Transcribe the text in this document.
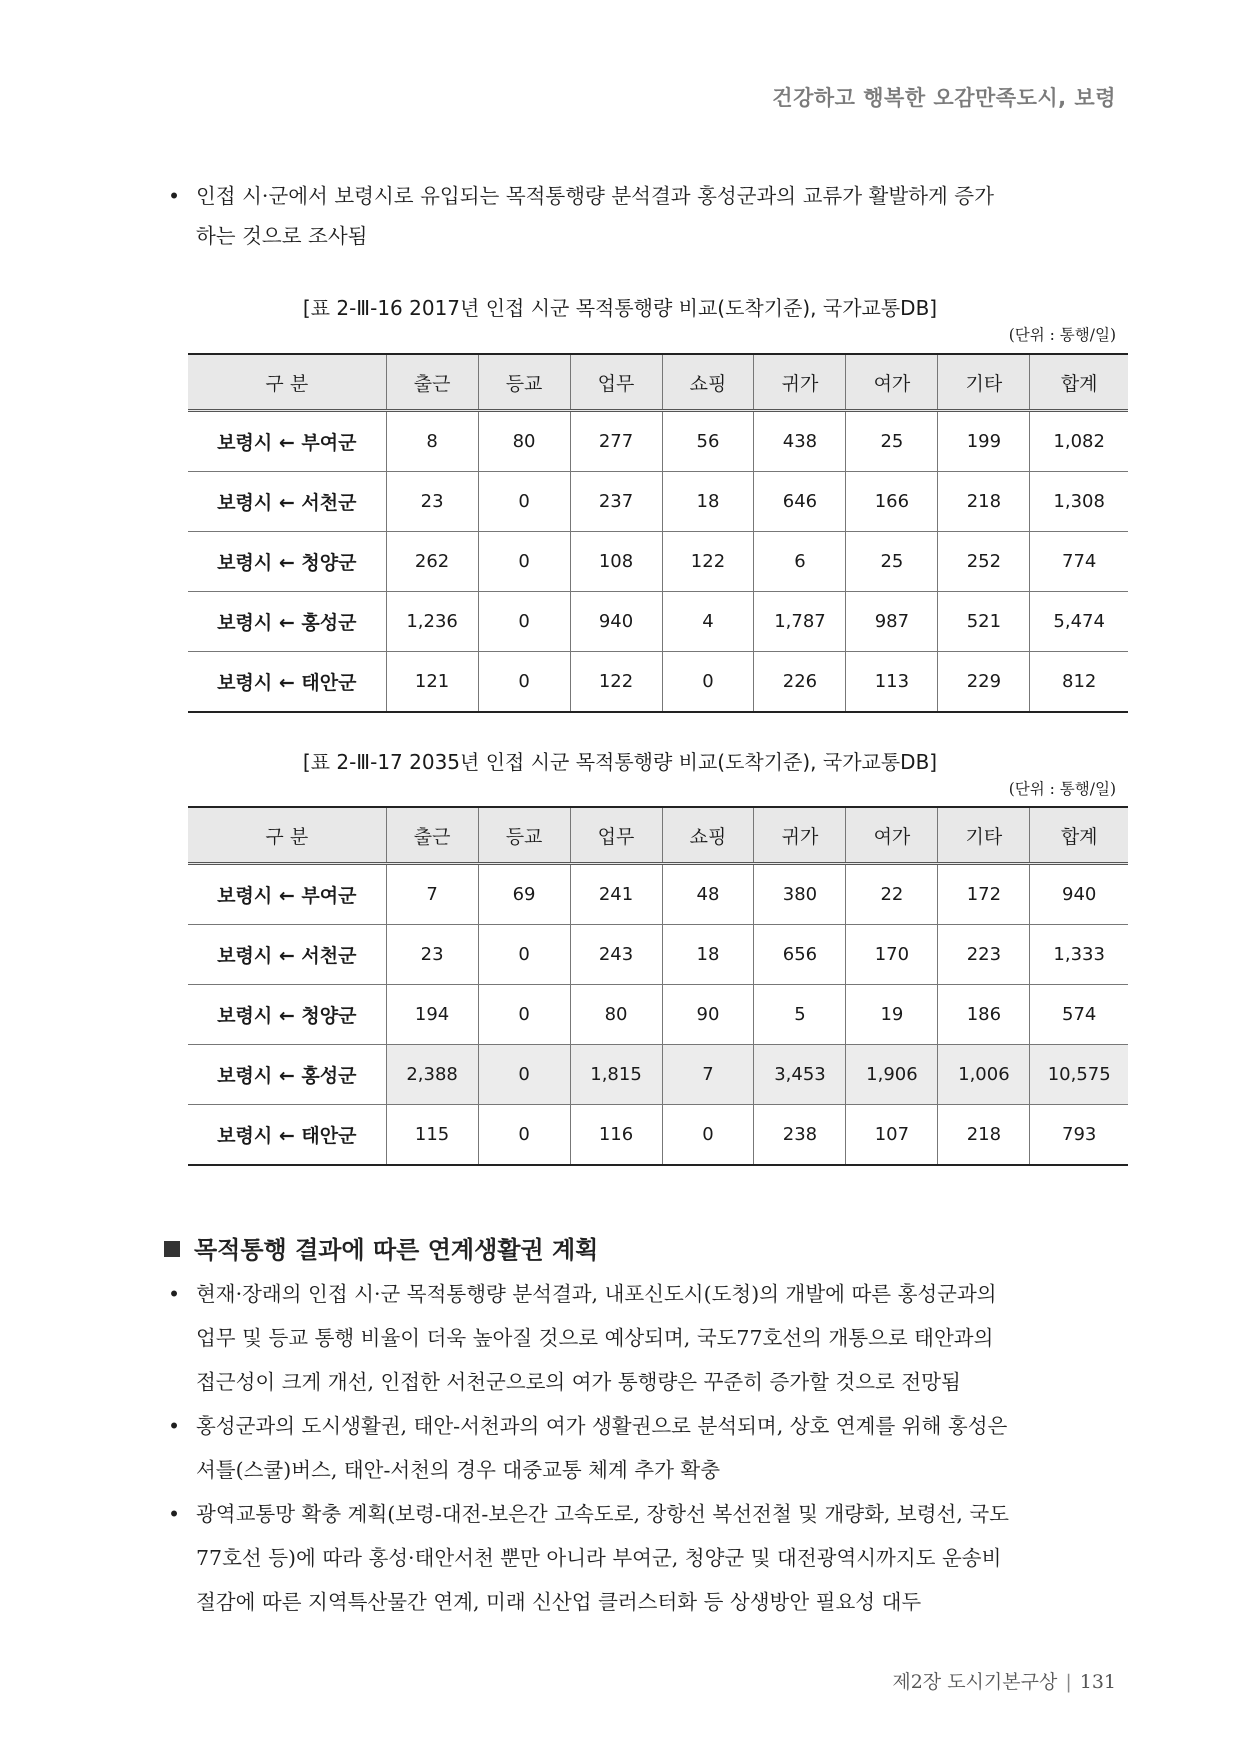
건강하고 행복한 오감만족도시, 보령
• 인접 시·군에서 보령시로 유입되는 목적통행량 분석결과 홍성군과의 교류가 활발하게 증가
하는 것으로 조사됨
[표 2-Ⅲ-16 2017년 인접 시군 목적통행량 비교(도착기준), 국가교통DB]
(단위 : 통행/일)
구 분	출근	등교	업무	쇼핑	귀가	여가	기타	합계
보령시 ← 부여군	8	80	277	56	438	25	199	1,082
보령시 ← 서천군	23	0	237	18	646	166	218	1,308
보령시 ← 청양군	262	0	108	122	6	25	252	774
보령시 ← 홍성군	1,236	0	940	4	1,787	987	521	5,474
보령시 ← 태안군	121	0	122	0	226	113	229	812
[표 2-Ⅲ-17 2035년 인접 시군 목적통행량 비교(도착기준), 국가교통DB]
(단위 : 통행/일)
구 분	출근	등교	업무	쇼핑	귀가	여가	기타	합계
보령시 ← 부여군	7	69	241	48	380	22	172	940
보령시 ← 서천군	23	0	243	18	656	170	223	1,333
보령시 ← 청양군	194	0	80	90	5	19	186	574
보령시 ← 홍성군	2,388	0	1,815	7	3,453	1,906	1,006	10,575
보령시 ← 태안군	115	0	116	0	238	107	218	793
목적통행 결과에 따른 연계생활권 계획
• 현재·장래의 인접 시·군 목적통행량 분석결과, 내포신도시(도청)의 개발에 따른 홍성군과의
업무 및 등교 통행 비율이 더욱 높아질 것으로 예상되며, 국도77호선의 개통으로 태안과의
접근성이 크게 개선, 인접한 서천군으로의 여가 통행량은 꾸준히 증가할 것으로 전망됨
• 홍성군과의 도시생활권, 태안-서천과의 여가 생활권으로 분석되며, 상호 연계를 위해 홍성은
셔틀(스쿨)버스, 태안-서천의 경우 대중교통 체계 추가 확충
• 광역교통망 확충 계획(보령-대전-보은간 고속도로, 장항선 복선전철 및 개량화, 보령선, 국도
77호선 등)에 따라 홍성·태안서천 뿐만 아니라 부여군, 청양군 및 대전광역시까지도 운송비
절감에 따른 지역특산물간 연계, 미래 신산업 클러스터화 등 상생방안 필요성 대두
제2장 도시기본구상 | 131
